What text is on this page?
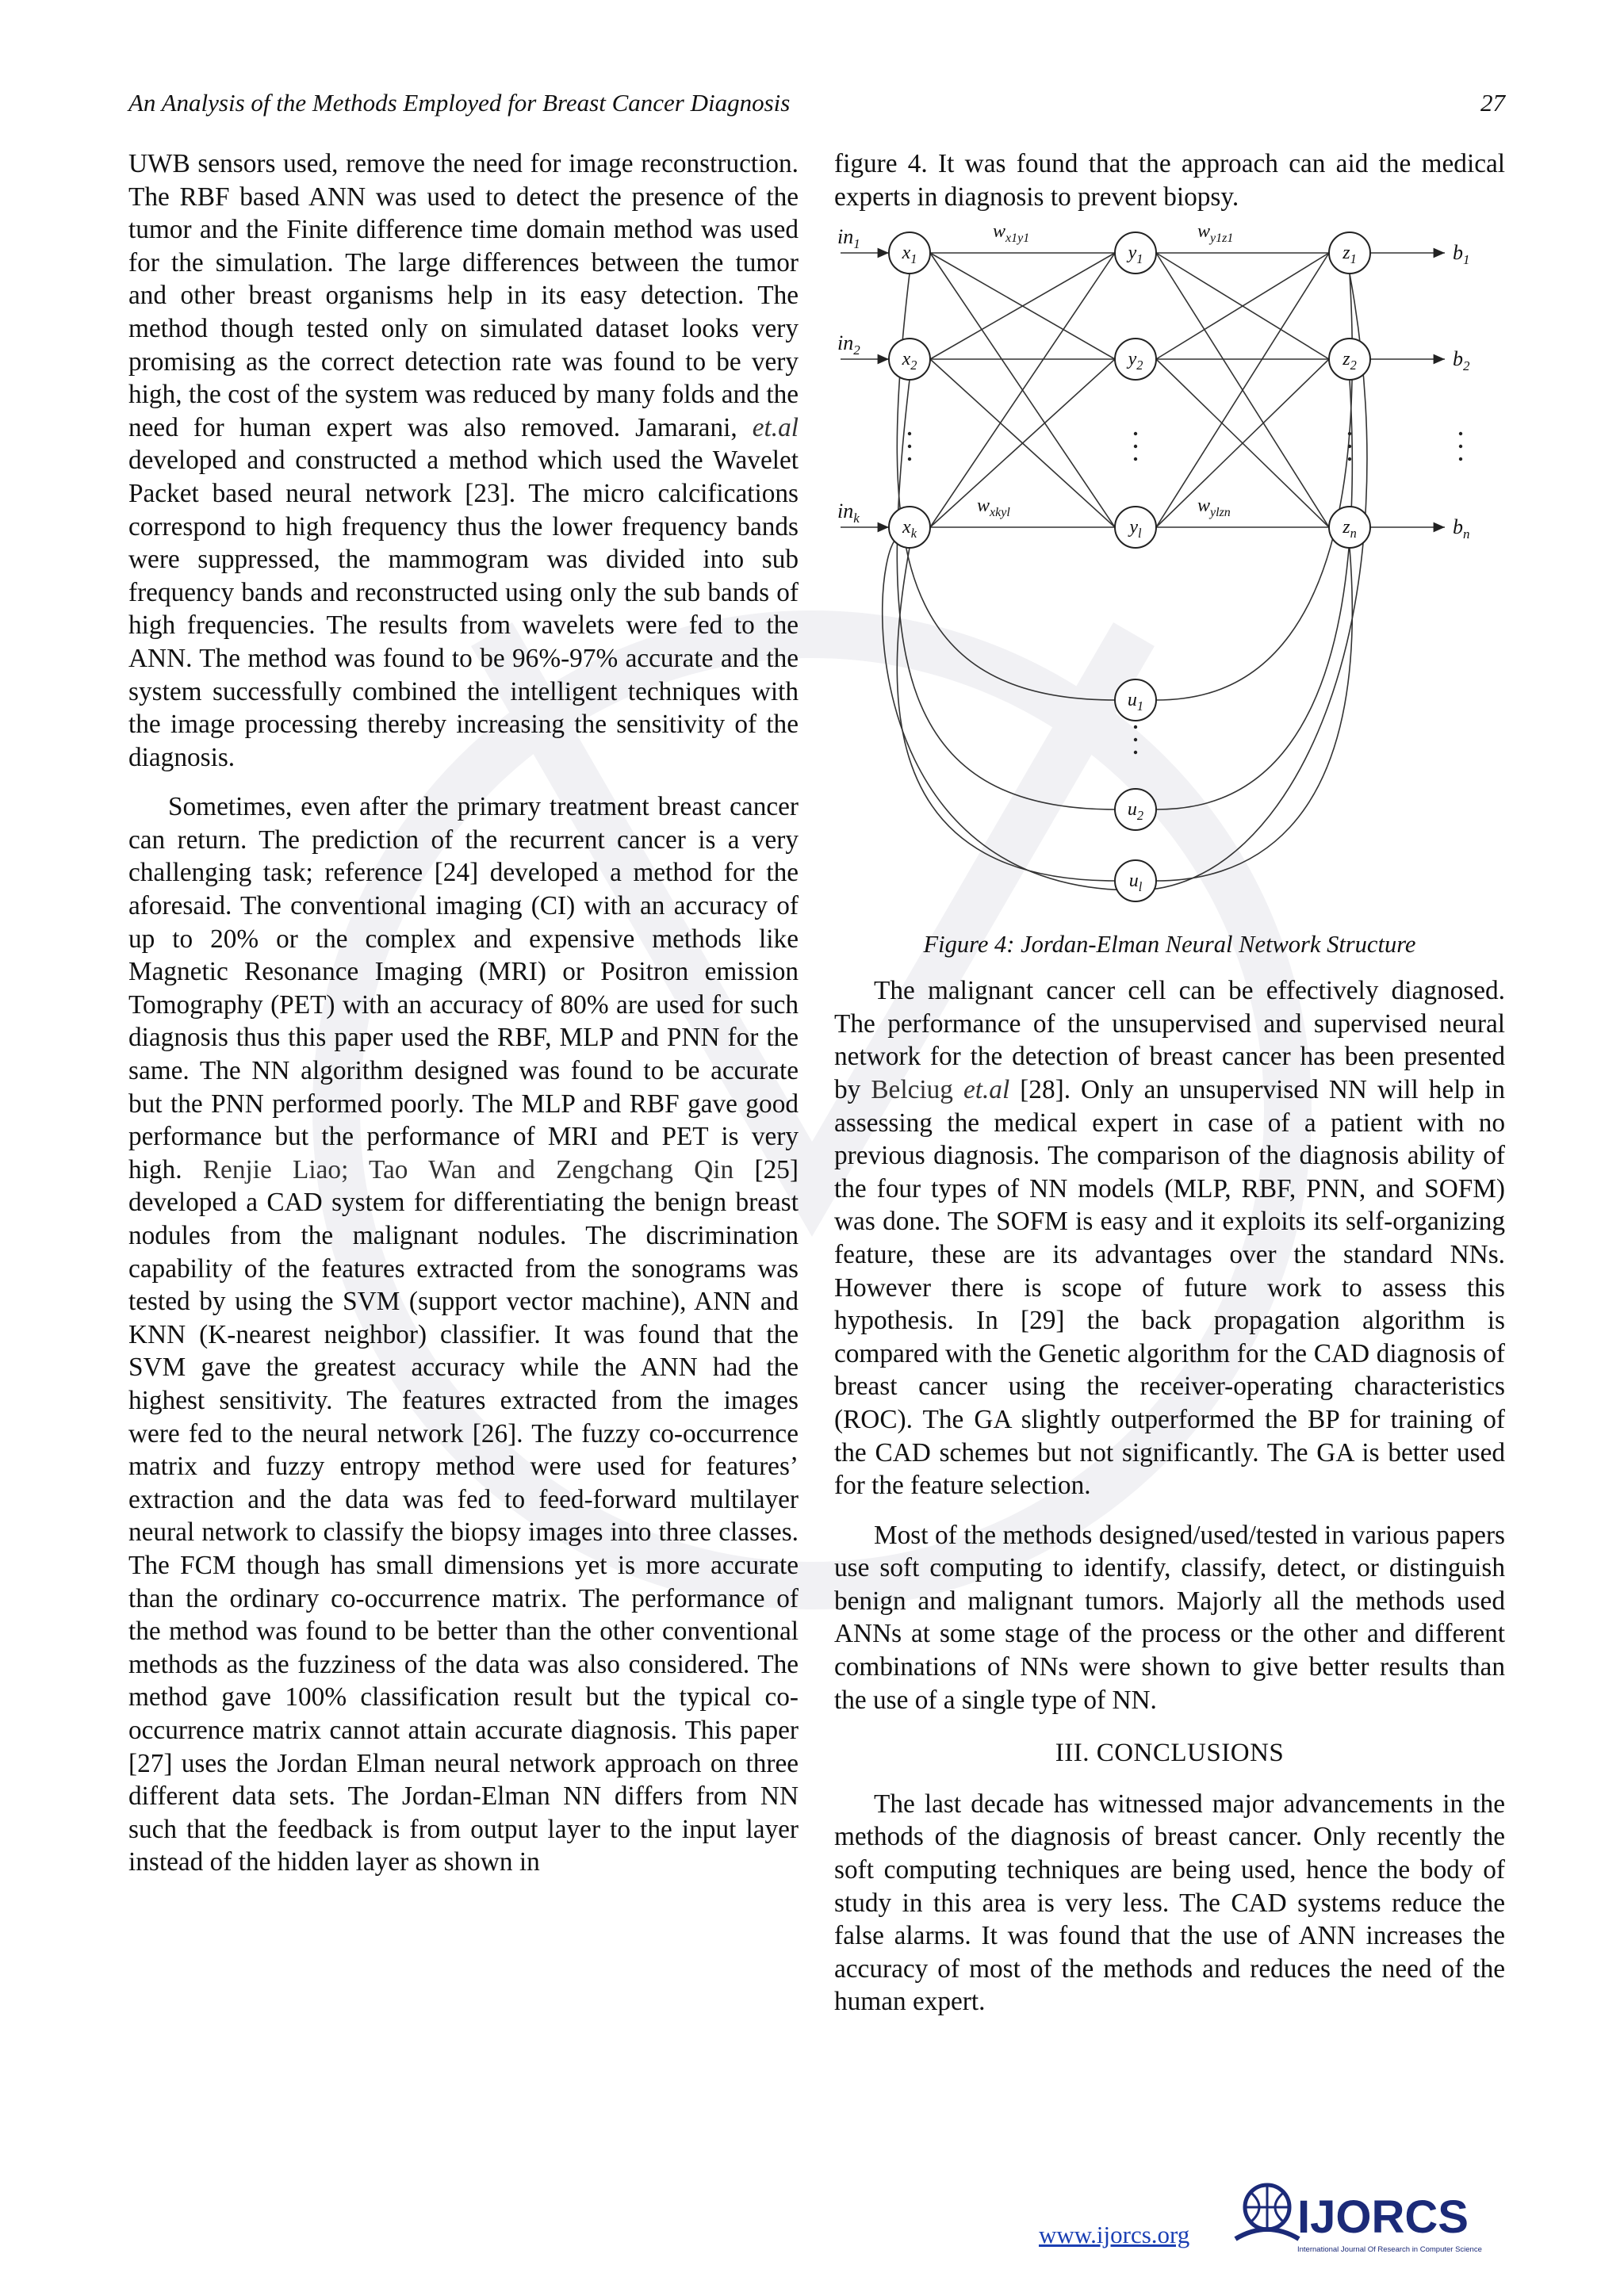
An Analysis of the Methods Employed for Breast Cancer Diagnosis	27

UWB sensors used, remove the need for image reconstruction. The RBF based ANN was used to detect the presence of the tumor and the Finite difference time domain method was used for the simulation. The large differences between the tumor and other breast organisms help in its easy detection. The method though tested only on simulated dataset looks very promising as the correct detection rate was found to be very high, the cost of the system was reduced by many folds and the need for human expert was also removed. Jamarani, et.al developed and constructed a method which used the Wavelet Packet based neural network [23]. The micro calcifications correspond to high frequency thus the lower frequency bands were suppressed, the mammogram was divided into sub frequency bands and reconstructed using only the sub bands of high frequencies. The results from wavelets were fed to the ANN. The method was found to be 96%-97% accurate and the system successfully combined the intelligent techniques with the image processing thereby increasing the sensitivity of the diagnosis.

Sometimes, even after the primary treatment breast cancer can return. The prediction of the recurrent cancer is a very challenging task; reference [24] developed a method for the aforesaid. The conventional imaging (CI) with an accuracy of up to 20% or the complex and expensive methods like Magnetic Resonance Imaging (MRI) or Positron emission Tomography (PET) with an accuracy of 80% are used for such diagnosis thus this paper used the RBF, MLP and PNN for the same. The NN algorithm designed was found to be accurate but the PNN performed poorly. The MLP and RBF gave good performance but the performance of MRI and PET is very high. Renjie Liao; Tao Wan and Zengchang Qin [25] developed a CAD system for differentiating the benign breast nodules from the malignant nodules. The discrimination capability of the features extracted from the sonograms was tested by using the SVM (support vector machine), ANN and KNN (K-nearest neighbor) classifier. It was found that the SVM gave the greatest accuracy while the ANN had the highest sensitivity. The features extracted from the images were fed to the neural network [26]. The fuzzy co-occurrence matrix and fuzzy entropy method were used for features’ extraction and the data was fed to feed-forward multilayer neural network to classify the biopsy images into three classes. The FCM though has small dimensions yet is more accurate than the ordinary co-occurrence matrix. The performance of the method was found to be better than the other conventional methods as the fuzziness of the data was also considered. The method gave 100% classification result but the typical co-occurrence matrix cannot attain accurate diagnosis. This paper [27] uses the Jordan Elman neural network approach on three different data sets. The Jordan-Elman NN differs from NN such that the feedback is from output layer to the input layer instead of the hidden layer as shown in

figure 4. It was found that the approach can aid the medical experts in diagnosis to prevent biopsy.

$x_1$
$x_2$
$x_k$
$y_1$
$y_2$
$y_l$
$z_1$
$z_2$
$z_n$
$u_1$
$u_2$
$u_l$
$in_1$
$in_2$
$in_k$
$b_1$
$b_2$
$b_n$
$w_{x1y1}$	$w_{y1z1}$
$w_{xkyl}$	$w_{ylzn}$
Figure 4: Jordan-Elman Neural Network Structure

The malignant cancer cell can be effectively diagnosed. The performance of the unsupervised and supervised neural network for the detection of breast cancer has been presented by Belciug et.al [28]. Only an unsupervised NN will help in assessing the medical expert in case of a patient with no previous diagnosis. The comparison of the diagnosis ability of the four types of NN models (MLP, RBF, PNN, and SOFM) was done. The SOFM is easy and it exploits its self-organizing feature, these are its advantages over the standard NNs. However there is scope of future work to assess this hypothesis. In [29] the back propagation algorithm is compared with the Genetic algorithm for the CAD diagnosis of breast cancer using the receiver-operating characteristics (ROC). The GA slightly outperformed the BP for training of the CAD schemes but not significantly. The GA is better used for the feature selection.

Most of the methods designed/used/tested in various papers use soft computing to identify, classify, detect, or distinguish benign and malignant tumors. Majorly all the methods used ANNs at some stage of the process or the other and different combinations of NNs were shown to give better results than the use of a single type of NN.

III. CONCLUSIONS

The last decade has witnessed major advancements in the methods of the diagnosis of breast cancer. Only recently the soft computing techniques are being used, hence the body of study in this area is very less. The CAD systems reduce the false alarms. It was found that the use of ANN increases the accuracy of most of the methods and reduces the need of the human expert.

www.ijorcs.org IJORCS
International Journal Of Research in Computer Science
